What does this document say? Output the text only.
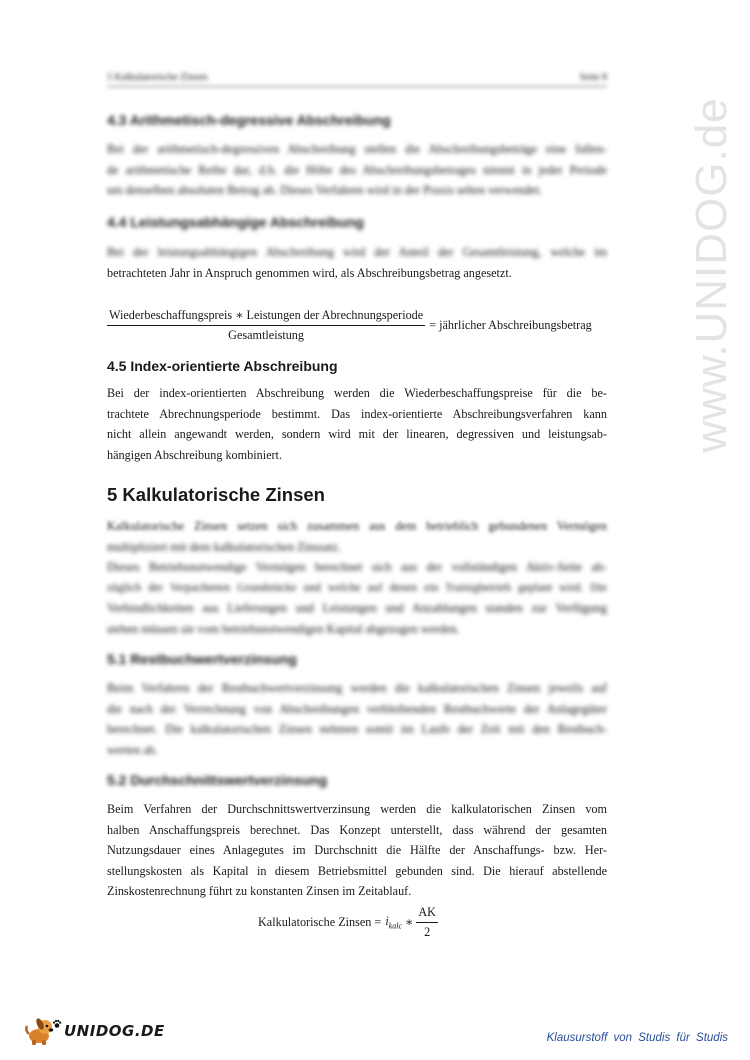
5 Kalkulatorische Zinsen	Seite 8
4.3 Arithmetisch-degressive Abschreibung

Bei der arithmetisch-degressiven Abschreibung stellen die Abschreibungsbeträge eine fallen-
de arithmetische Reihe dar, d.h. die Höhe des Abschreibungsbetrages nimmt in jeder Periode
um denselben absoluten Betrag ab. Dieses Verfahren wird in der Praxis selten verwendet.

4.4 Leistungsabhängige Abschreibung

Bei der leistungsabhängigen Abschreibung wird der Anteil der Gesamtleistung, welche im
betrachteten Jahr in Anspruch genommen wird, als Abschreibungsbetrag angesetzt.

$\frac{\text{Wiederbeschaffungspreis ∗ Leistungen der Abrechnungsperiode}}{\text{Gesamtleistung}}$ = jährlicher Abschreibungsbetrag
4.5 Index-orientierte Abschreibung

Bei der index-orientierten Abschreibung werden die Wiederbeschaffungspreise für die be-
trachtete Abrechnungsperiode bestimmt. Das index-orientierte Abschreibungsverfahren kann
nicht allein angewandt werden, sondern wird mit der linearen, degressiven und leistungsab-
hängigen Abschreibung kombiniert.

5 Kalkulatorische Zinsen

Kalkulatorische Zinsen setzen sich zusammen aus dem betrieblich gebundenen Vermögen
multipliziert mit dem kalkulatorischen Zinssatz.
Dieses Betriebsnotwendige Vermögen berechnet sich aus der vollständigen Aktiv-Seite ab-
züglich der Verpachteten Grundstücke und welche auf denen ein Trainigbetrieb geplant wird. Die
Verbindlichkeiten aus Lieferungen und Leistungen und Anzahlungen standen zur Verfügung
stehen müssen sie vom betriebsnotwendigen Kapital abgezogen werden.

5.1 Restbuchwertverzinsung

Beim Verfahren der Restbuchwertverzinsung werden die kalkulatorischen Zinsen jeweils auf
die nach der Verrechnung von Abschreibungen verbleibenden Restbuchwerte der Anlagegüter
berechnet. Die kalkulatorischen Zinsen nehmen somit im Laufe der Zeit mit den Restbuch-
werten ab.

5.2 Durchschnittswertverzinsung

Beim Verfahren der Durchschnittswertverzinsung werden die kalkulatorischen Zinsen vom
halben Anschaffungspreis berechnet. Das Konzept unterstellt, dass während der gesamten
Nutzungsdauer eines Anlagegutes im Durchschnitt die Hälfte der Anschaffungs- bzw. Her-
stellungskosten als Kapital in diesem Betriebsmittel gebunden sind. Die hierauf abstellende
Zinskostenrechnung führt zu konstanten Zinsen im Zeitablauf.

Kalkulatorische Zinsen = $i_{kalc}$ ∗ $\frac{AK}{2}$
www.UNIDOG.de
UNIDOG.DE	Klausurstoff von Studis für Studis
